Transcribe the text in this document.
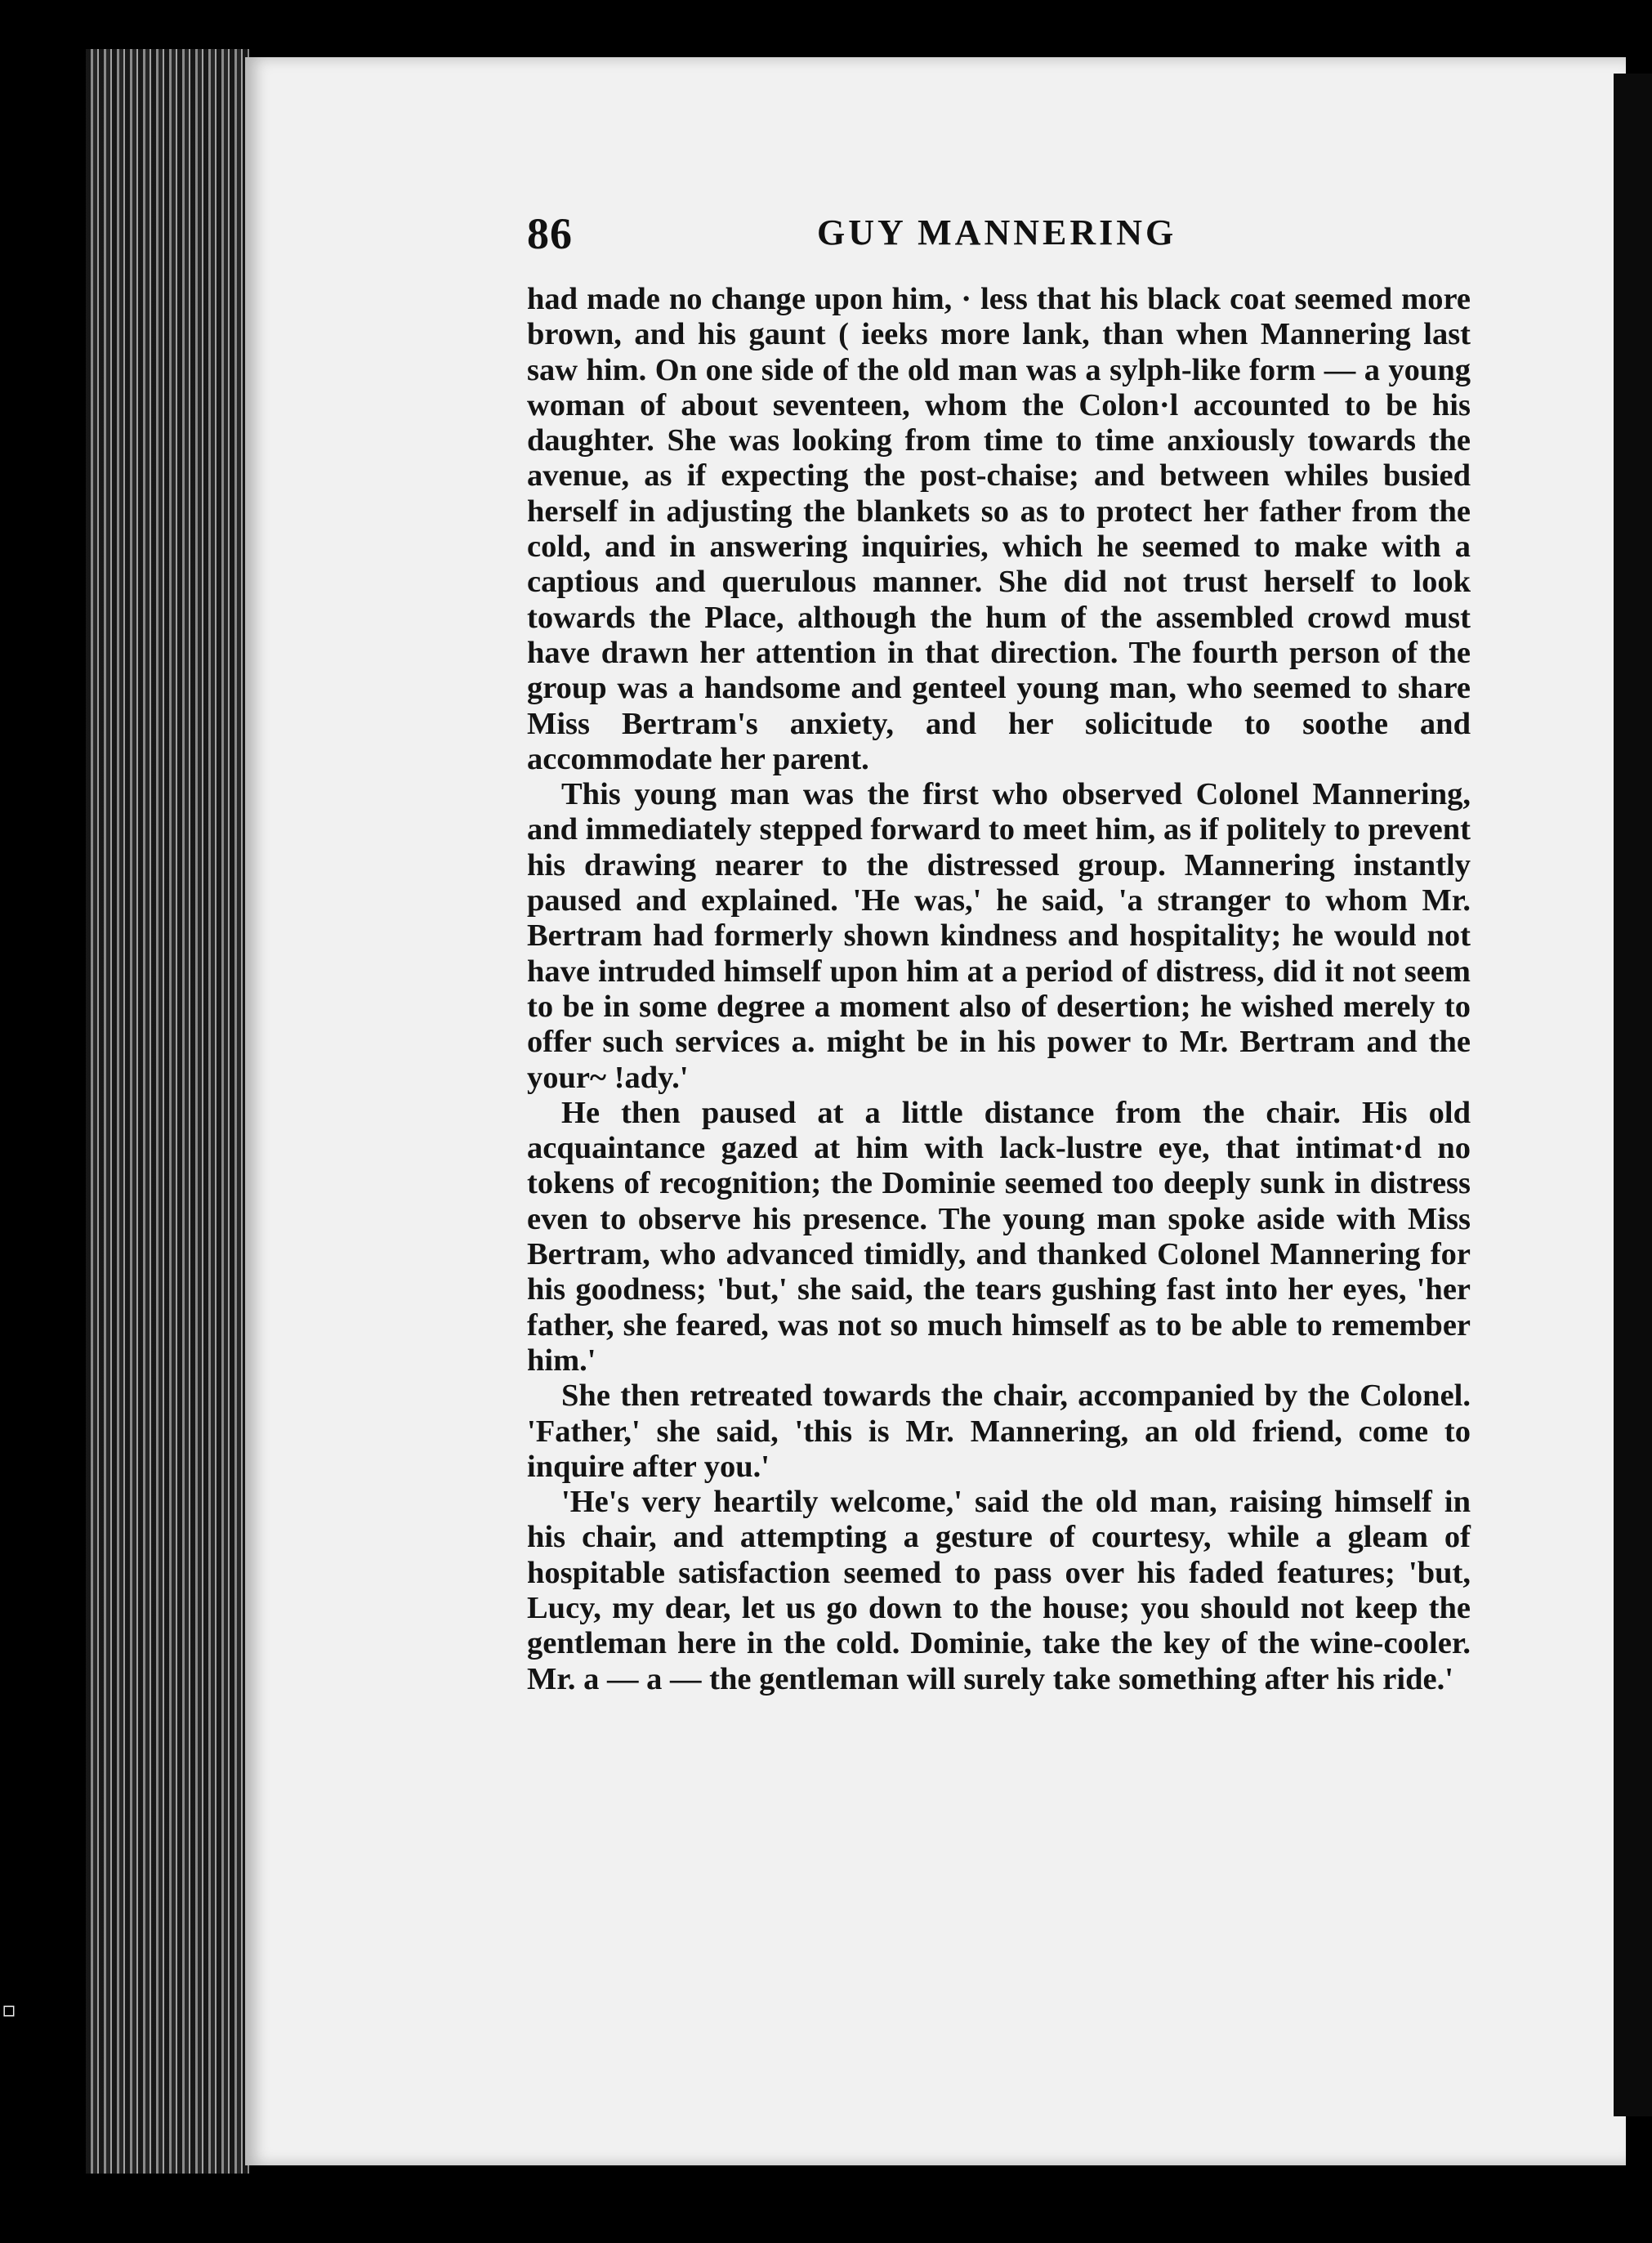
86	GUY MANNERING

had made no change upon him, · less that his black coat seemed more brown, and his gaunt ( ieeks more lank, than when Mannering last saw him. On one side of the old man was a sylph-like form — a young woman of about seventeen, whom the Colon·l accounted to be his daughter. She was looking from time to time anxiously towards the avenue, as if expecting the post-chaise; and between whiles busied herself in adjusting the blankets so as to protect her father from the cold, and in answering inquiries, which he seemed to make with a captious and querulous manner. She did not trust herself to look towards the Place, although the hum of the assembled crowd must have drawn her attention in that direction. The fourth person of the group was a handsome and genteel young man, who seemed to share Miss Bertram's anxiety, and her solicitude to soothe and accommodate her parent.

This young man was the first who observed Colonel Mannering, and immediately stepped forward to meet him, as if politely to prevent his drawing nearer to the distressed group. Mannering instantly paused and explained. 'He was,' he said, 'a stranger to whom Mr. Bertram had formerly shown kindness and hospitality; he would not have intruded himself upon him at a period of distress, did it not seem to be in some degree a moment also of desertion; he wished merely to offer such services a. might be in his power to Mr. Bertram and the your~ !ady.'

He then paused at a little distance from the chair. His old acquaintance gazed at him with lack-lustre eye, that intimat·d no tokens of recognition; the Dominie seemed too deeply sunk in distress even to observe his presence. The young man spoke aside with Miss Bertram, who advanced timidly, and thanked Colonel Mannering for his goodness; 'but,' she said, the tears gushing fast into her eyes, 'her father, she feared, was not so much himself as to be able to remember him.'

She then retreated towards the chair, accompanied by the Colonel. 'Father,' she said, 'this is Mr. Mannering, an old friend, come to inquire after you.'

'He's very heartily welcome,' said the old man, raising himself in his chair, and attempting a gesture of courtesy, while a gleam of hospitable satisfaction seemed to pass over his faded features; 'but, Lucy, my dear, let us go down to the house; you should not keep the gentleman here in the cold. Dominie, take the key of the wine-cooler. Mr. a — a — the gentleman will surely take something after his ride.'

▫
